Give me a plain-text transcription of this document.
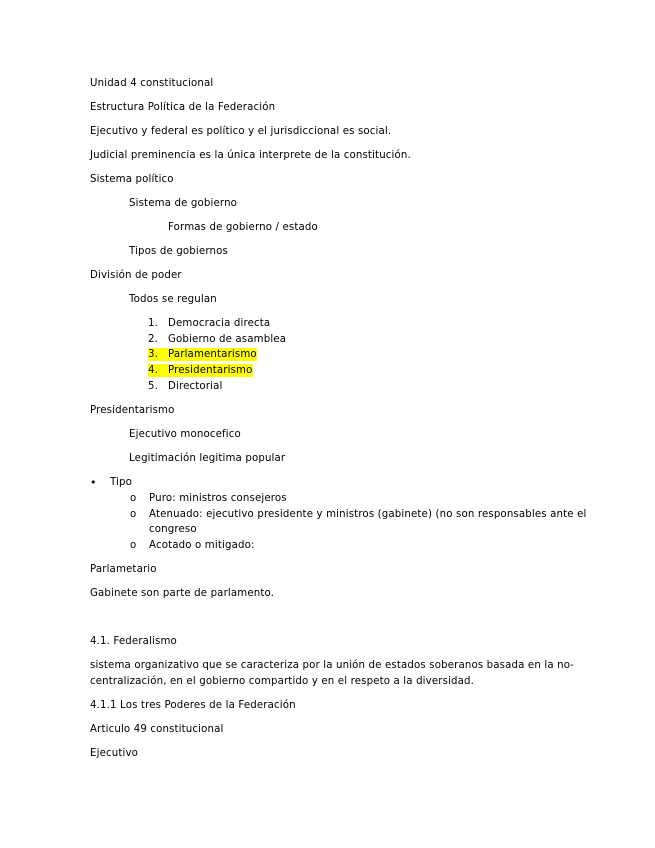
Unidad 4 constitucional
Estructura Política de la Federación
Ejecutivo y federal es político y el jurisdiccional es social.
Judicial preminencia es la única interprete de la constitución.
Sistema político
Sistema de gobierno
Formas de gobierno / estado
Tipos de gobiernos
División de poder
Todos se regulan
1. Democracia directa
2. Gobierno de asamblea
3. Parlamentarismo
4. Presidentarismo
5. Directorial
Presidentarismo
Ejecutivo monocefico
Legitimación legitima popular
• Tipo
o Puro: ministros consejeros
o Atenuado: ejecutivo presidente y ministros (gabinete) (no son responsables ante el
congreso
o Acotado o mitigado:
Parlametario
Gabinete son parte de parlamento.
4.1. Federalismo
sistema organizativo que se caracteriza por la unión de estados soberanos basada en la no-
centralización, en el gobierno compartido y en el respeto a la diversidad.
4.1.1 Los tres Poderes de la Federación
Articulo 49 constitucional
Ejecutivo
